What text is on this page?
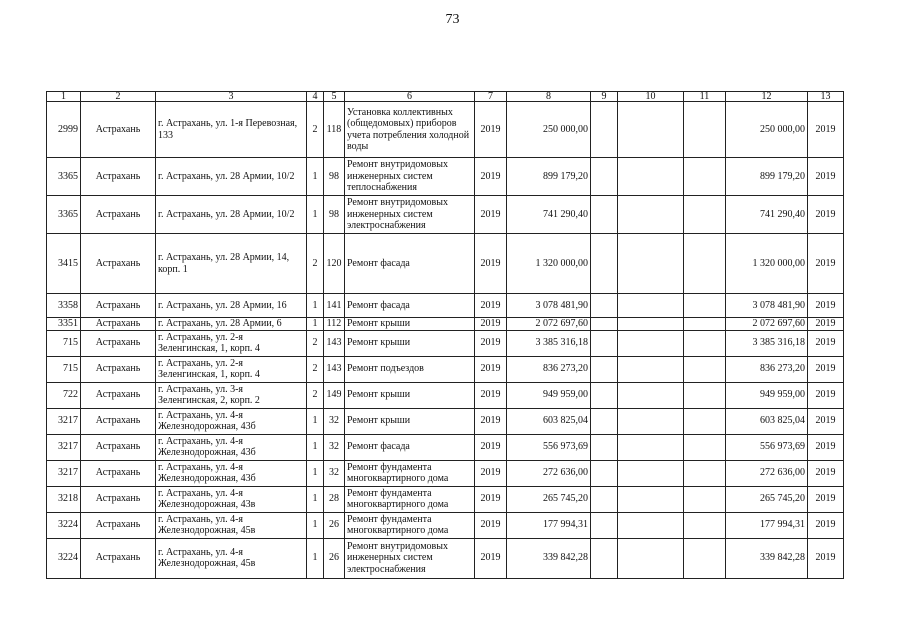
73
1	2	3	4	5	6	7	8	9	10	11	12	13
2999	Астрахань	г. Астрахань, ул. 1-я Перевозная, 133	2	118	Установка коллективных (общедомовых) приборов учета потребления холодной воды	2019	250 000,00				250 000,00	2019
3365	Астрахань	г. Астрахань, ул. 28 Армии, 10/2	1	98	Ремонт внутридомовых инженерных систем теплоснабжения	2019	899 179,20				899 179,20	2019
3365	Астрахань	г. Астрахань, ул. 28 Армии, 10/2	1	98	Ремонт внутридомовых инженерных систем электроснабжения	2019	741 290,40				741 290,40	2019
3415	Астрахань	г. Астрахань, ул. 28 Армии, 14, корп. 1	2	120	Ремонт фасада	2019	1 320 000,00				1 320 000,00	2019
3358	Астрахань	г. Астрахань, ул. 28 Армии, 16	1	141	Ремонт фасада	2019	3 078 481,90				3 078 481,90	2019
3351	Астрахань	г. Астрахань, ул. 28 Армии, 6	1	112	Ремонт крыши	2019	2 072 697,60				2 072 697,60	2019
715	Астрахань	г. Астрахань, ул. 2-я Зеленгинская, 1, корп. 4	2	143	Ремонт крыши	2019	3 385 316,18				3 385 316,18	2019
715	Астрахань	г. Астрахань, ул. 2-я Зеленгинская, 1, корп. 4	2	143	Ремонт подъездов	2019	836 273,20				836 273,20	2019
722	Астрахань	г. Астрахань, ул. 3-я Зеленгинская, 2, корп. 2	2	149	Ремонт крыши	2019	949 959,00				949 959,00	2019
3217	Астрахань	г. Астрахань, ул. 4-я Железнодорожная, 43б	1	32	Ремонт крыши	2019	603 825,04				603 825,04	2019
3217	Астрахань	г. Астрахань, ул. 4-я Железнодорожная, 43б	1	32	Ремонт фасада	2019	556 973,69				556 973,69	2019
3217	Астрахань	г. Астрахань, ул. 4-я Железнодорожная, 43б	1	32	Ремонт фундамента многоквартирного дома	2019	272 636,00				272 636,00	2019
3218	Астрахань	г. Астрахань, ул. 4-я Железнодорожная, 43в	1	28	Ремонт фундамента многоквартирного дома	2019	265 745,20				265 745,20	2019
3224	Астрахань	г. Астрахань, ул. 4-я Железнодорожная, 45в	1	26	Ремонт фундамента многоквартирного дома	2019	177 994,31				177 994,31	2019
3224	Астрахань	г. Астрахань, ул. 4-я Железнодорожная, 45в	1	26	Ремонт внутридомовых инженерных систем электроснабжения	2019	339 842,28				339 842,28	2019
